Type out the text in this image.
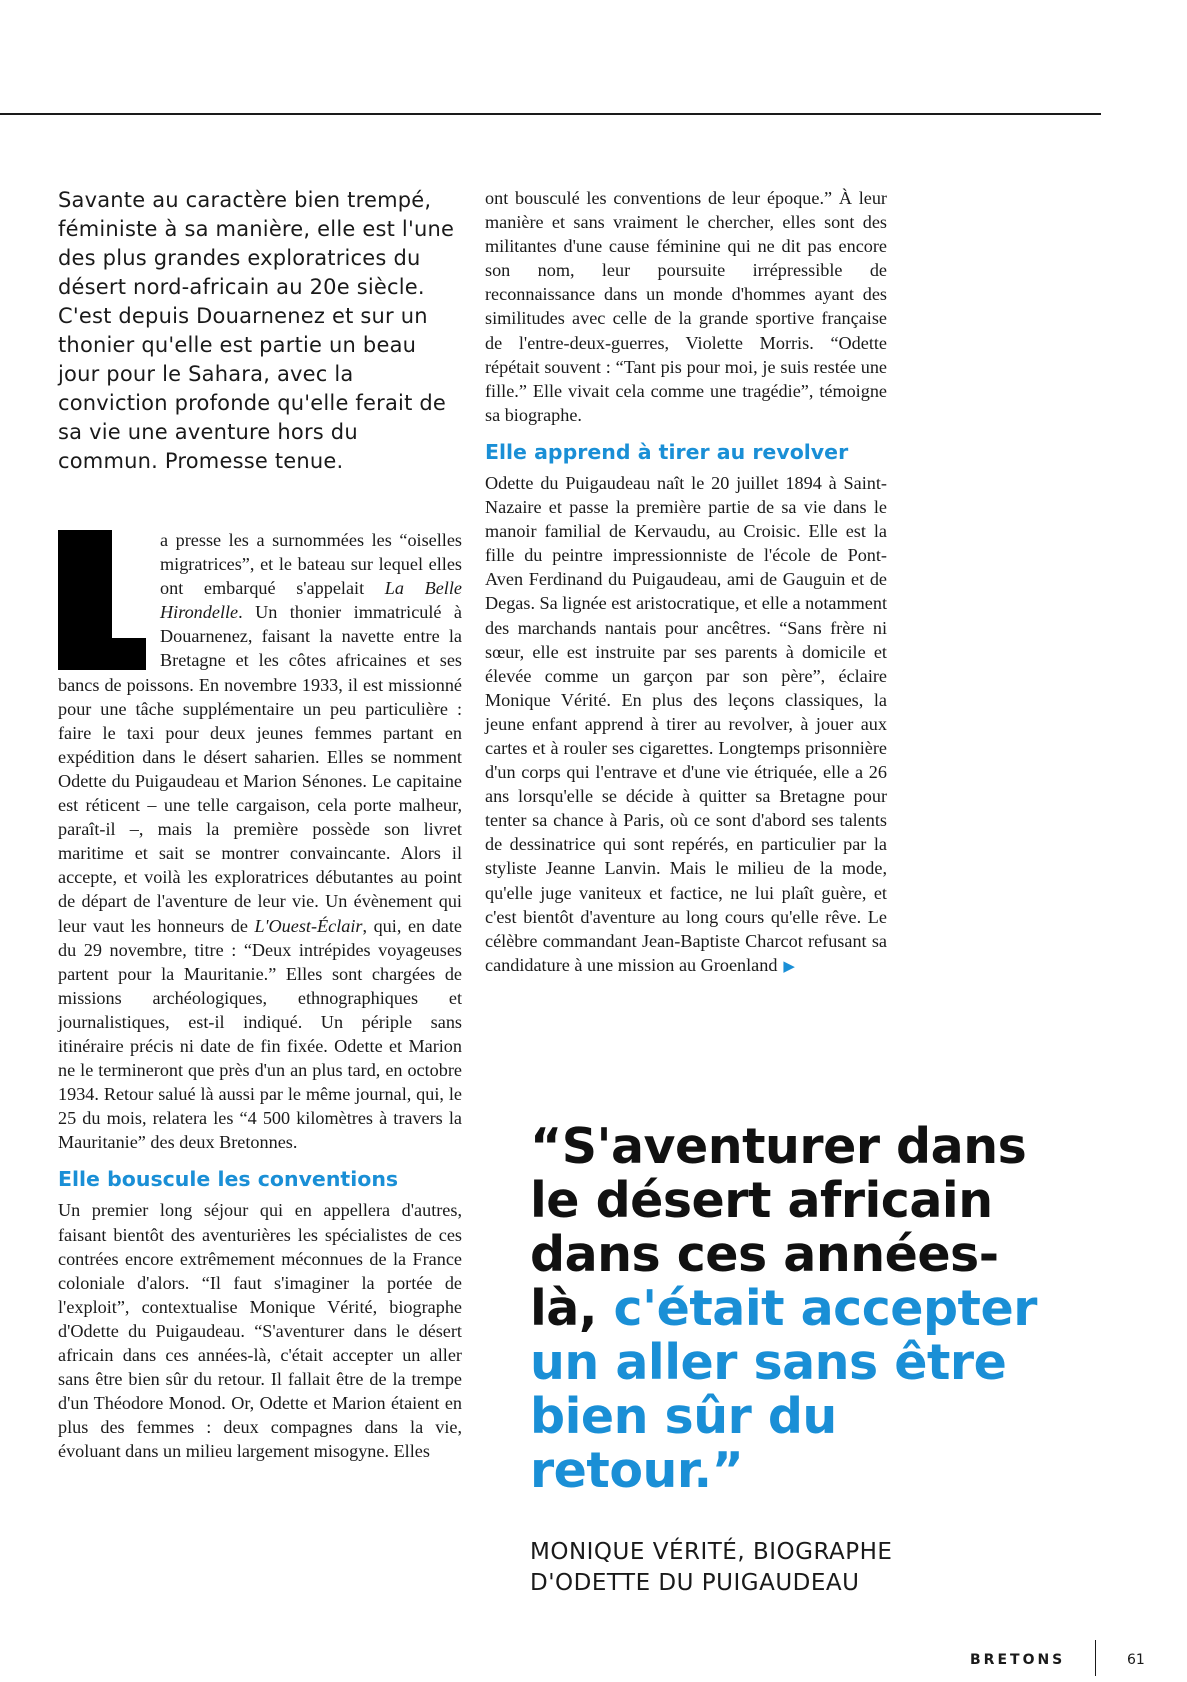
Savante au caractère bien trempé, féministe à sa manière, elle est l'une des plus grandes exploratrices du désert nord-africain au 20e siècle. C'est depuis Douarnenez et sur un thonier qu'elle est partie un beau jour pour le Sahara, avec la conviction profonde qu'elle ferait de sa vie une aventure hors du commun. Promesse tenue.

a presse les a surnommées les “oiselles migratrices”, et le bateau sur lequel elles ont embarqué s'appelait La Belle Hirondelle. Un thonier immatriculé à Douarnenez, faisant la navette entre la Bretagne et les côtes africaines et ses bancs de poissons. En novembre 1933, il est missionné pour une tâche supplémentaire un peu particulière : faire le taxi pour deux jeunes femmes partant en expédition dans le désert saharien. Elles se nomment Odette du Puigaudeau et Marion Sénones. Le capitaine est réticent – une telle cargaison, cela porte malheur, paraît-il –, mais la première possède son livret maritime et sait se montrer convaincante. Alors il accepte, et voilà les exploratrices débutantes au point de départ de l'aventure de leur vie. Un évènement qui leur vaut les honneurs de L'Ouest-Éclair, qui, en date du 29 novembre, titre : “Deux intrépides voyageuses partent pour la Mauritanie.” Elles sont chargées de missions archéologiques, ethnographiques et journalistiques, est-il indiqué. Un périple sans itinéraire précis ni date de fin fixée. Odette et Marion ne le termineront que près d'un an plus tard, en octobre 1934. Retour salué là aussi par le même journal, qui, le 25 du mois, relatera les “4 500 kilomètres à travers la Mauritanie” des deux Bretonnes.

Elle bouscule les conventions

Un premier long séjour qui en appellera d'autres, faisant bientôt des aventurières les spécialistes de ces contrées encore extrêmement méconnues de la France coloniale d'alors. “Il faut s'imaginer la portée de l'exploit”, contextualise Monique Vérité, biographe d'Odette du Puigaudeau. “S'aventurer dans le désert africain dans ces années-là, c'était accepter un aller sans être bien sûr du retour. Il fallait être de la trempe d'un Théodore Monod. Or, Odette et Marion étaient en plus des femmes : deux compagnes dans la vie, évoluant dans un milieu largement misogyne. Elles

ont bousculé les conventions de leur époque.” À leur manière et sans vraiment le chercher, elles sont des militantes d'une cause féminine qui ne dit pas encore son nom, leur poursuite irrépressible de reconnaissance dans un monde d'hommes ayant des similitudes avec celle de la grande sportive française de l'entre-deux-guerres, Violette Morris. “Odette répétait souvent : “Tant pis pour moi, je suis restée une fille.” Elle vivait cela comme une tragédie”, témoigne sa biographe.

Elle apprend à tirer au revolver

Odette du Puigaudeau naît le 20 juillet 1894 à Saint-Nazaire et passe la première partie de sa vie dans le manoir familial de Kervaudu, au Croisic. Elle est la fille du peintre impressionniste de l'école de Pont-Aven Ferdinand du Puigaudeau, ami de Gauguin et de Degas. Sa lignée est aristocratique, et elle a notamment des marchands nantais pour ancêtres. “Sans frère ni sœur, elle est instruite par ses parents à domicile et élevée comme un garçon par son père”, éclaire Monique Vérité. En plus des leçons classiques, la jeune enfant apprend à tirer au revolver, à jouer aux cartes et à rouler ses cigarettes. Longtemps prisonnière d'un corps qui l'entrave et d'une vie étriquée, elle a 26 ans lorsqu'elle se décide à quitter sa Bretagne pour tenter sa chance à Paris, où ce sont d'abord ses talents de dessinatrice qui sont repérés, en particulier par la styliste Jeanne Lanvin. Mais le milieu de la mode, qu'elle juge vaniteux et factice, ne lui plaît guère, et c'est bientôt d'aventure au long cours qu'elle rêve. Le célèbre commandant Jean-Baptiste Charcot refusant sa candidature à une mission au Groenland ▶

“S'aventurer dans le désert africain dans ces années-là, c'était accepter un aller sans être bien sûr du retour.”
MONIQUE VÉRITÉ, BIOGRAPHE
D'ODETTE DU PUIGAUDEAU
BRETONS	61
